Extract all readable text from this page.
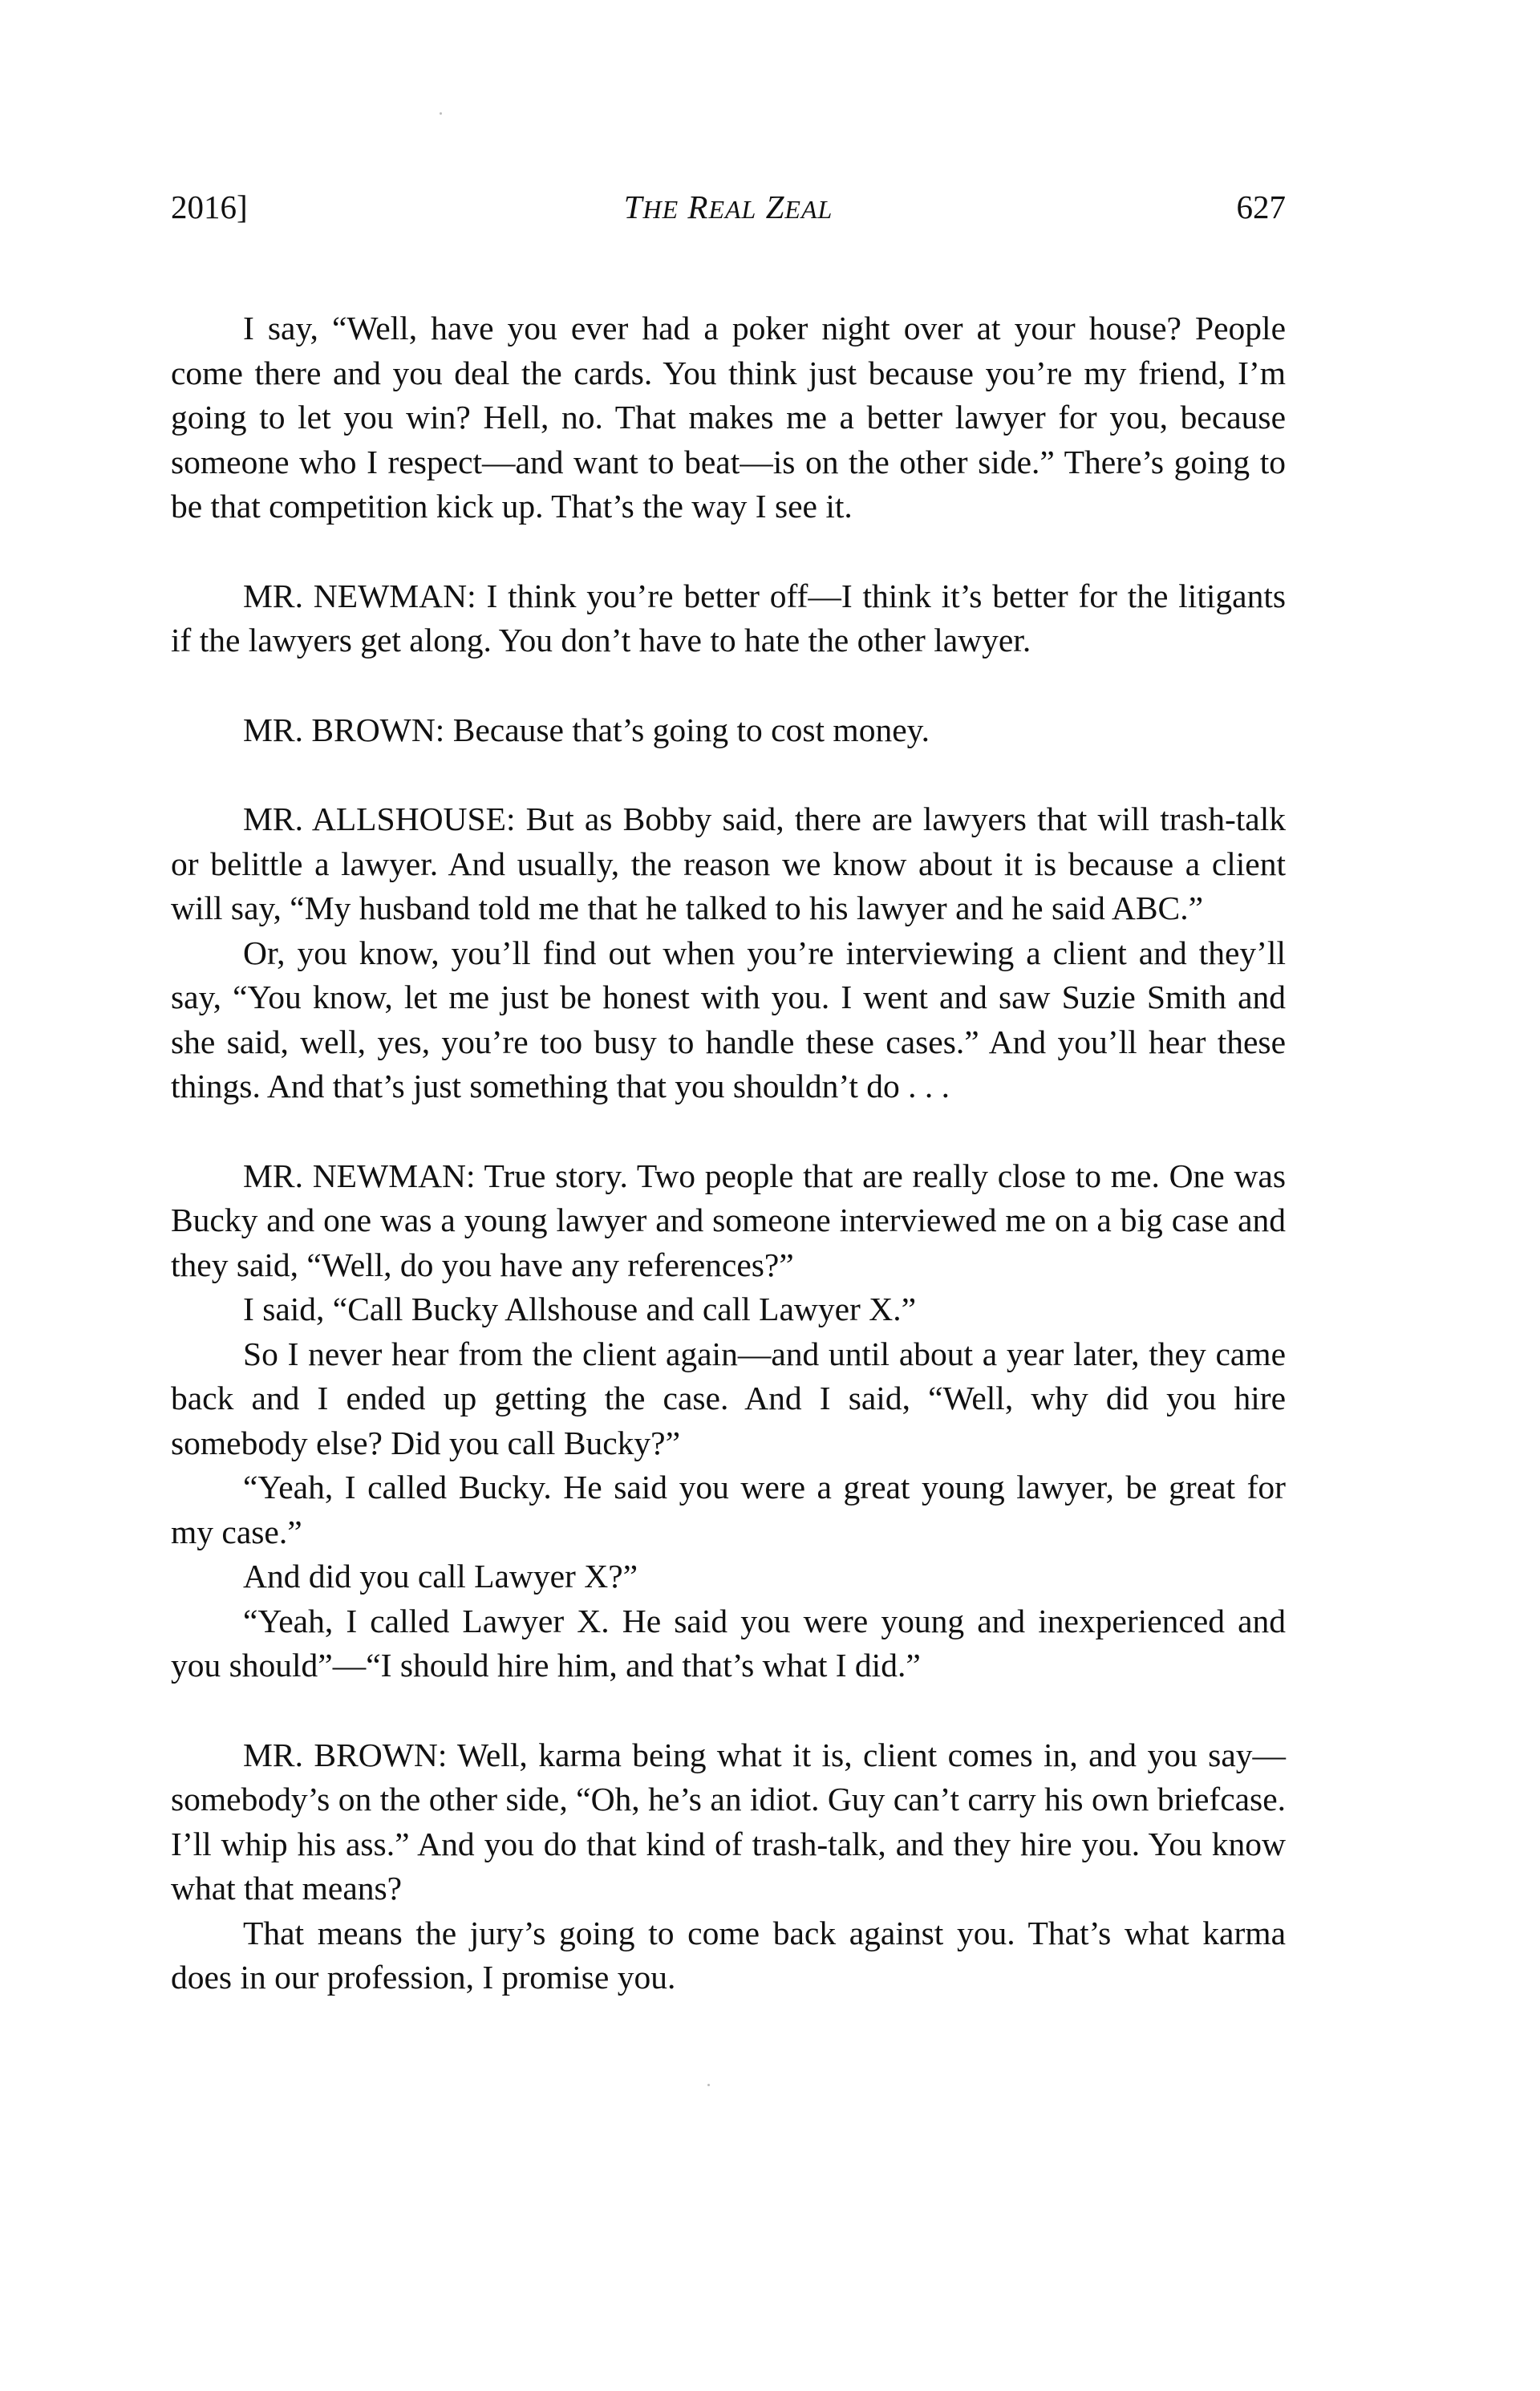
2016]	THE REAL ZEAL	627

I say, “Well, have you ever had a poker night over at your house? People come there and you deal the cards. You think just because you’re my friend, I’m going to let you win? Hell, no. That makes me a better lawyer for you, because someone who I respect—and want to beat—is on the other side.” There’s going to be that competition kick up. That’s the way I see it.

MR. NEWMAN: I think you’re better off—I think it’s better for the litigants if the lawyers get along. You don’t have to hate the other lawyer.

MR. BROWN: Because that’s going to cost money.

MR. ALLSHOUSE: But as Bobby said, there are lawyers that will trash-talk or belittle a lawyer. And usually, the reason we know about it is because a client will say, “My husband told me that he talked to his lawyer and he said ABC.”

Or, you know, you’ll find out when you’re interviewing a client and they’ll say, “You know, let me just be honest with you. I went and saw Suzie Smith and she said, well, yes, you’re too busy to handle these cases.” And you’ll hear these things. And that’s just something that you shouldn’t do . . .

MR. NEWMAN: True story. Two people that are really close to me. One was Bucky and one was a young lawyer and someone interviewed me on a big case and they said, “Well, do you have any references?”

I said, “Call Bucky Allshouse and call Lawyer X.”

So I never hear from the client again—and until about a year later, they came back and I ended up getting the case. And I said, “Well, why did you hire somebody else? Did you call Bucky?”

“Yeah, I called Bucky. He said you were a great young lawyer, be great for my case.”

And did you call Lawyer X?”

“Yeah, I called Lawyer X. He said you were young and inexperienced and you should”—“I should hire him, and that’s what I did.”

MR. BROWN: Well, karma being what it is, client comes in, and you say—somebody’s on the other side, “Oh, he’s an idiot. Guy can’t carry his own briefcase. I’ll whip his ass.” And you do that kind of trash-talk, and they hire you. You know what that means?

That means the jury’s going to come back against you. That’s what karma does in our profession, I promise you.
